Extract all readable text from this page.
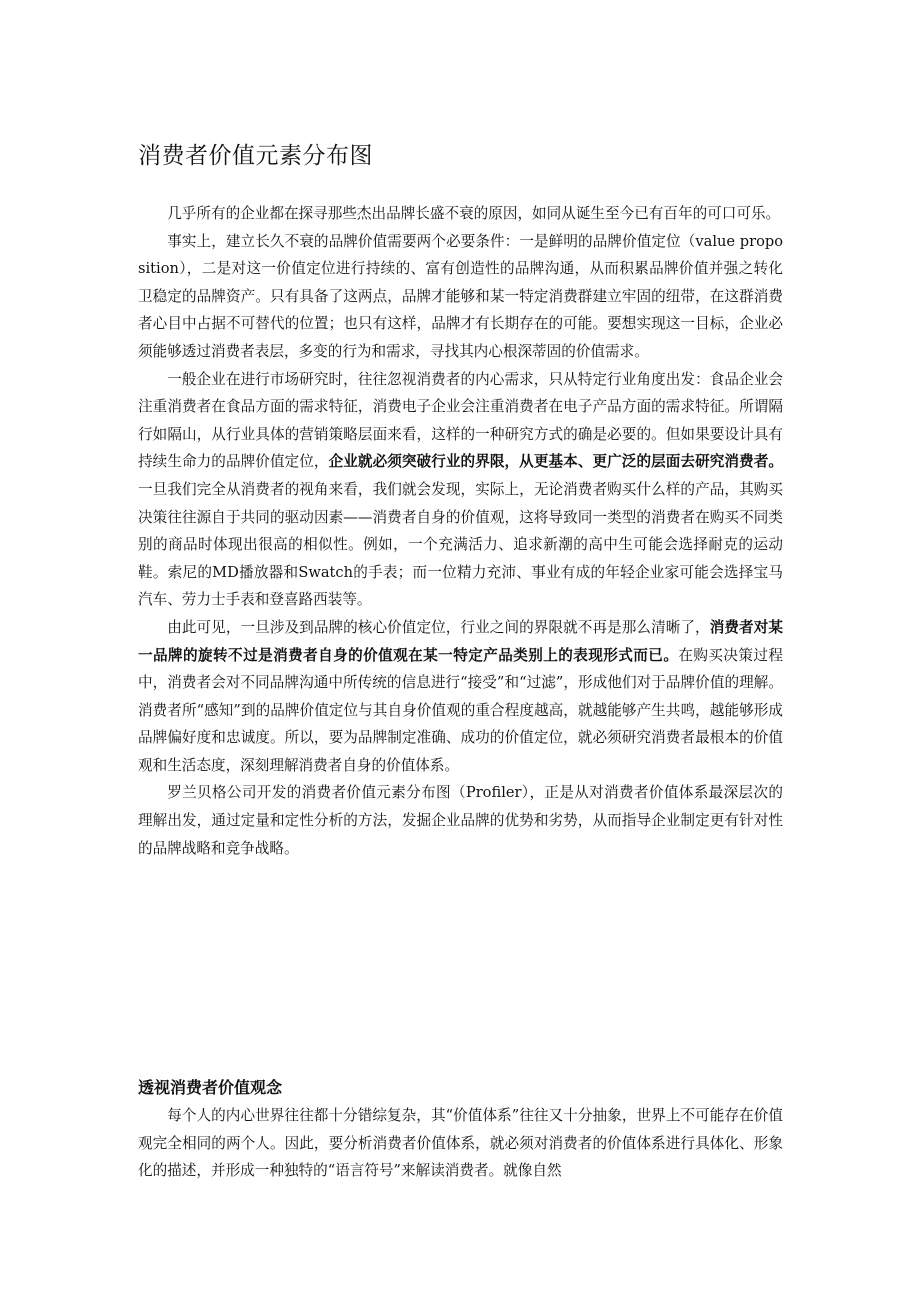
消费者价值元素分布图

几乎所有的企业都在探寻那些杰出品牌长盛不衰的原因，如同从诞生至今已有百年的可口可乐。

事实上，建立长久不衰的品牌价值需要两个必要条件：一是鲜明的品牌价值定位（value proposition），二是对这一价值定位进行持续的、富有创造性的品牌沟通，从而积累品牌价值并强之转化卫稳定的品牌资产。只有具备了这两点，品牌才能够和某一特定消费群建立牢固的纽带，在这群消费者心目中占据不可替代的位置；也只有这样，品牌才有长期存在的可能。要想实现这一目标，企业必须能够透过消费者表层，多变的行为和需求，寻找其内心根深蒂固的价值需求。

一般企业在进行市场研究时，往往忽视消费者的内心需求，只从特定行业角度出发：食品企业会注重消费者在食品方面的需求特征，消费电子企业会注重消费者在电子产品方面的需求特征。所谓隔行如隔山，从行业具体的营销策略层面来看，这样的一种研究方式的确是必要的。但如果要设计具有持续生命力的品牌价值定位，企业就必须突破行业的界限，从更基本、更广泛的层面去研究消费者。一旦我们完全从消费者的视角来看，我们就会发现，实际上，无论消费者购买什么样的产品，其购买决策往往源自于共同的驱动因素——消费者自身的价值观，这将导致同一类型的消费者在购买不同类别的商品时体现出很高的相似性。例如，一个充满活力、追求新潮的高中生可能会选择耐克的运动鞋。索尼的MD播放器和Swatch的手表；而一位精力充沛、事业有成的年轻企业家可能会选择宝马汽车、劳力士手表和登喜路西装等。

由此可见，一旦涉及到品牌的核心价值定位，行业之间的界限就不再是那么清晰了，消费者对某一品牌的旋转不过是消费者自身的价值观在某一特定产品类别上的表现形式而已。在购买决策过程中，消费者会对不同品牌沟通中所传统的信息进行“接受”和“过滤”，形成他们对于品牌价值的理解。消费者所“感知”到的品牌价值定位与其自身价值观的重合程度越高，就越能够产生共鸣，越能够形成品牌偏好度和忠诚度。所以，要为品牌制定准确、成功的价值定位，就必须研究消费者最根本的价值观和生活态度，深刻理解消费者自身的价值体系。

罗兰贝格公司开发的消费者价值元素分布图（Profiler），正是从对消费者价值体系最深层次的理解出发，通过定量和定性分析的方法，发掘企业品牌的优势和劣势，从而指导企业制定更有针对性的品牌战略和竞争战略。

透视消费者价值观念

每个人的内心世界往往都十分错综复杂，其“价值体系”往往又十分抽象，世界上不可能存在价值观完全相同的两个人。因此，要分析消费者价值体系，就必须对消费者的价值体系进行具体化、形象化的描述，并形成一种独特的“语言符号”来解读消费者。就像自然
